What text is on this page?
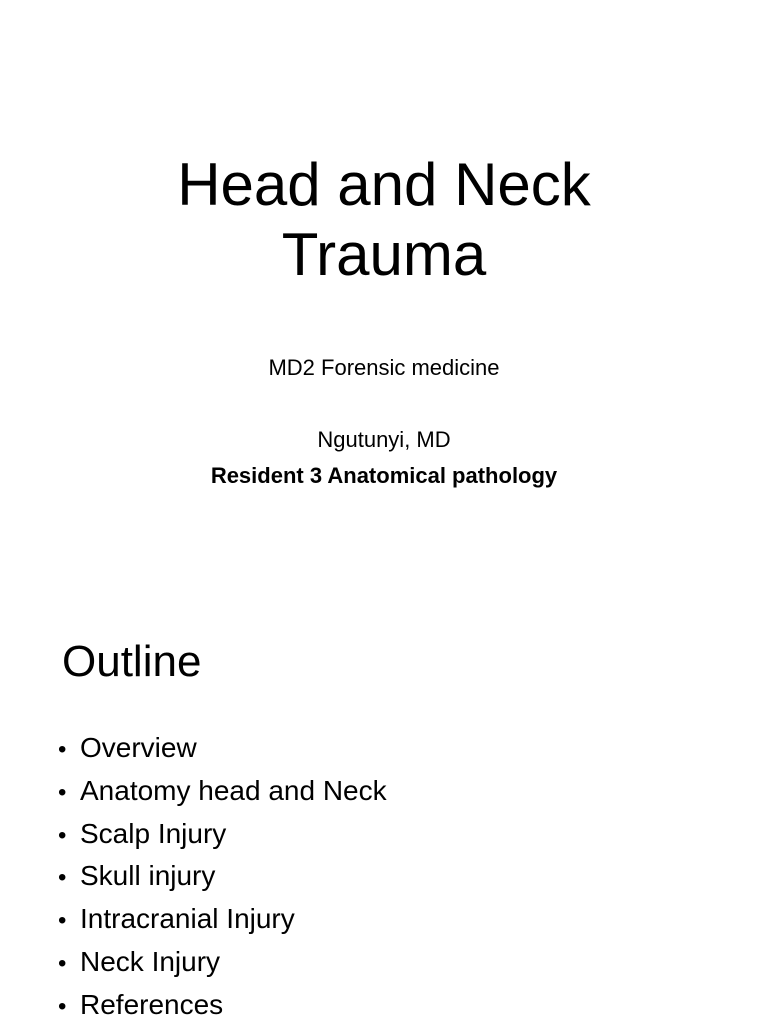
Head and Neck
Trauma

MD2 Forensic medicine

Ngutunyi, MD

Resident 3 Anatomical pathology

Outline
• Overview
• Anatomy head and Neck
• Scalp Injury
• Skull injury
• Intracranial Injury
• Neck Injury
• References
